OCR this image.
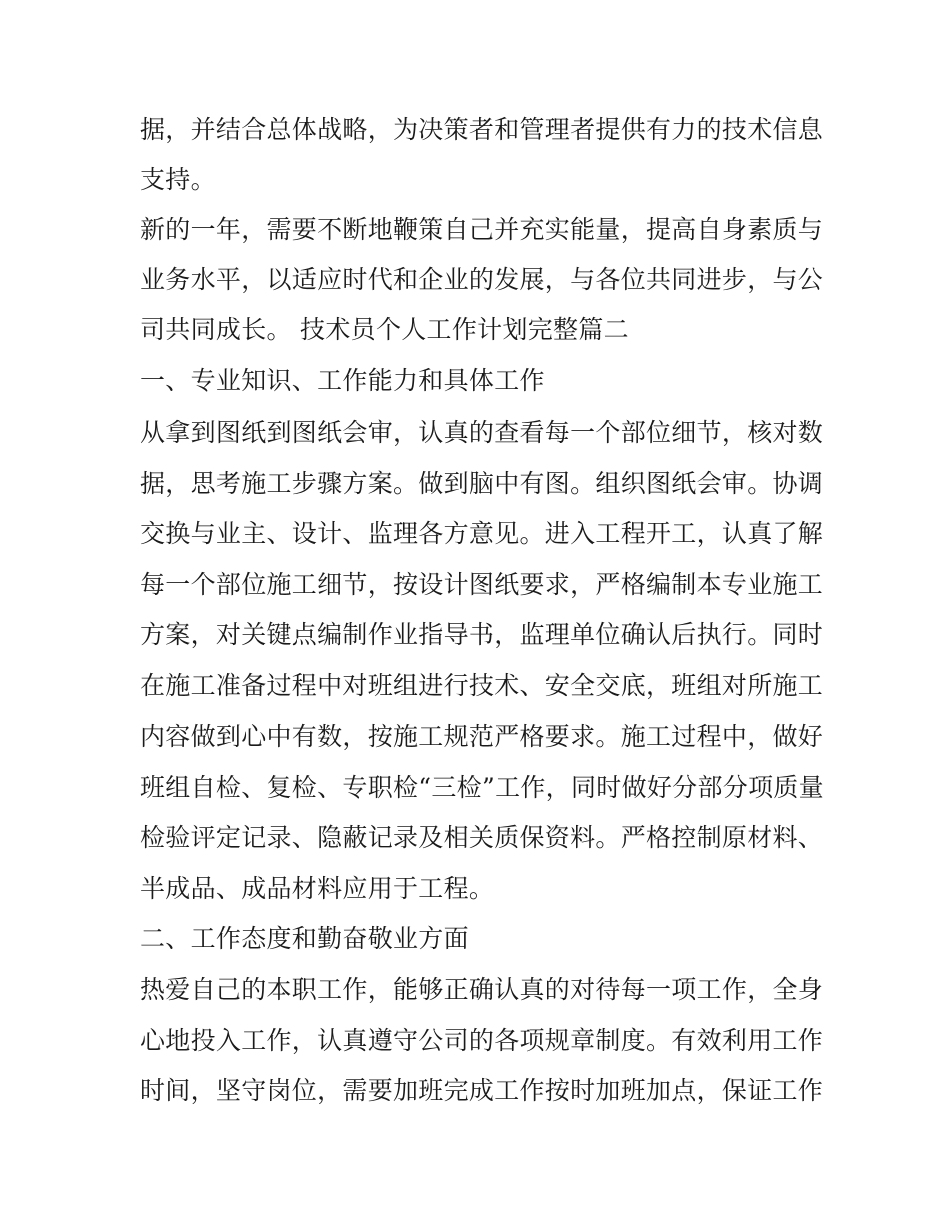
据，并结合总体战略，为决策者和管理者提供有力的技术信息
支持。
新的一年，需要不断地鞭策自己并充实能量，提高自身素质与
业务水平，以适应时代和企业的发展，与各位共同进步，与公
司共同成长。 技术员个人工作计划完整篇二
一、专业知识、工作能力和具体工作
从拿到图纸到图纸会审，认真的查看每一个部位细节，核对数
据，思考施工步骤方案。做到脑中有图。组织图纸会审。协调
交换与业主、设计、监理各方意见。进入工程开工，认真了解
每一个部位施工细节，按设计图纸要求，严格编制本专业施工
方案，对关键点编制作业指导书，监理单位确认后执行。同时
在施工准备过程中对班组进行技术、安全交底，班组对所施工
内容做到心中有数，按施工规范严格要求。施工过程中，做好
班组自检、复检、专职检“三检”工作，同时做好分部分项质量
检验评定记录、隐蔽记录及相关质保资料。严格控制原材料、
半成品、成品材料应用于工程。
二、工作态度和勤奋敬业方面
热爱自己的本职工作，能够正确认真的对待每一项工作，全身
心地投入工作，认真遵守公司的各项规章制度。有效利用工作
时间，坚守岗位，需要加班完成工作按时加班加点，保证工作
